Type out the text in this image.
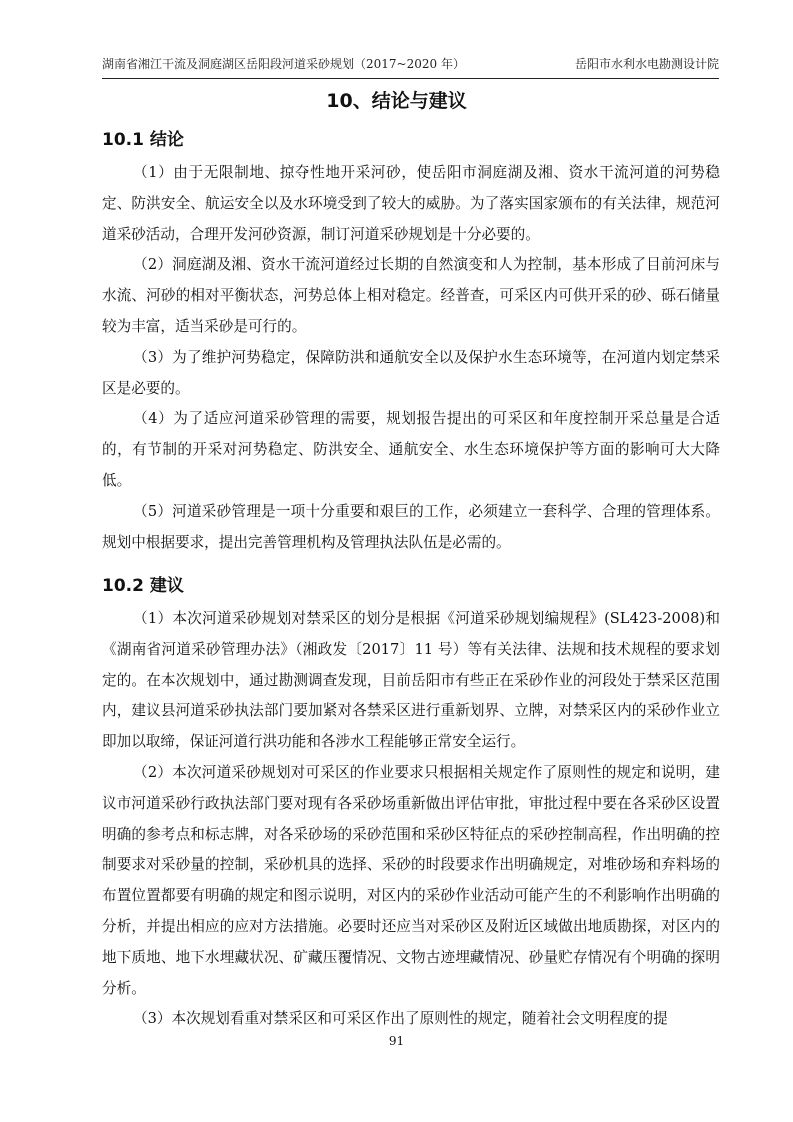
湖南省湘江干流及洞庭湖区岳阳段河道采砂规划（2017~2020 年）	岳阳市水利水电勘测设计院
10、结论与建议
10.1 结论

（1）由于无限制地、掠夺性地开采河砂，使岳阳市洞庭湖及湘、资水干流河道的河势稳定、防洪安全、航运安全以及水环境受到了较大的威胁。为了落实国家颁布的有关法律，规范河道采砂活动，合理开发河砂资源，制订河道采砂规划是十分必要的。

（2）洞庭湖及湘、资水干流河道经过长期的自然演变和人为控制，基本形成了目前河床与水流、河砂的相对平衡状态，河势总体上相对稳定。经普查，可采区内可供开采的砂、砾石储量较为丰富，适当采砂是可行的。

（3）为了维护河势稳定，保障防洪和通航安全以及保护水生态环境等，在河道内划定禁采区是必要的。

（4）为了适应河道采砂管理的需要，规划报告提出的可采区和年度控制开采总量是合适的，有节制的开采对河势稳定、防洪安全、通航安全、水生态环境保护等方面的影响可大大降低。

（5）河道采砂管理是一项十分重要和艰巨的工作，必须建立一套科学、合理的管理体系。规划中根据要求，提出完善管理机构及管理执法队伍是必需的。

10.2 建议

（1）本次河道采砂规划对禁采区的划分是根据《河道采砂规划编规程》(SL423-2008)和《湖南省河道采砂管理办法》（湘政发〔2017〕11 号）等有关法律、法规和技术规程的要求划定的。在本次规划中，通过勘测调查发现，目前岳阳市有些正在采砂作业的河段处于禁采区范围内，建议县河道采砂执法部门要加紧对各禁采区进行重新划界、立牌，对禁采区内的采砂作业立即加以取缔，保证河道行洪功能和各涉水工程能够正常安全运行。

（2）本次河道采砂规划对可采区的作业要求只根据相关规定作了原则性的规定和说明，建议市河道采砂行政执法部门要对现有各采砂场重新做出评估审批，审批过程中要在各采砂区设置明确的参考点和标志牌，对各采砂场的采砂范围和采砂区特征点的采砂控制高程，作出明确的控制要求对采砂量的控制，采砂机具的选择、采砂的时段要求作出明确规定，对堆砂场和弃料场的布置位置都要有明确的规定和图示说明，对区内的采砂作业活动可能产生的不利影响作出明确的分析，并提出相应的应对方法措施。必要时还应当对采砂区及附近区域做出地质勘探，对区内的地下质地、地下水埋藏状况、矿藏压覆情况、文物古迹埋藏情况、砂量贮存情况有个明确的探明分析。

（3）本次规划看重对禁采区和可采区作出了原则性的规定，随着社会文明程度的提

91
